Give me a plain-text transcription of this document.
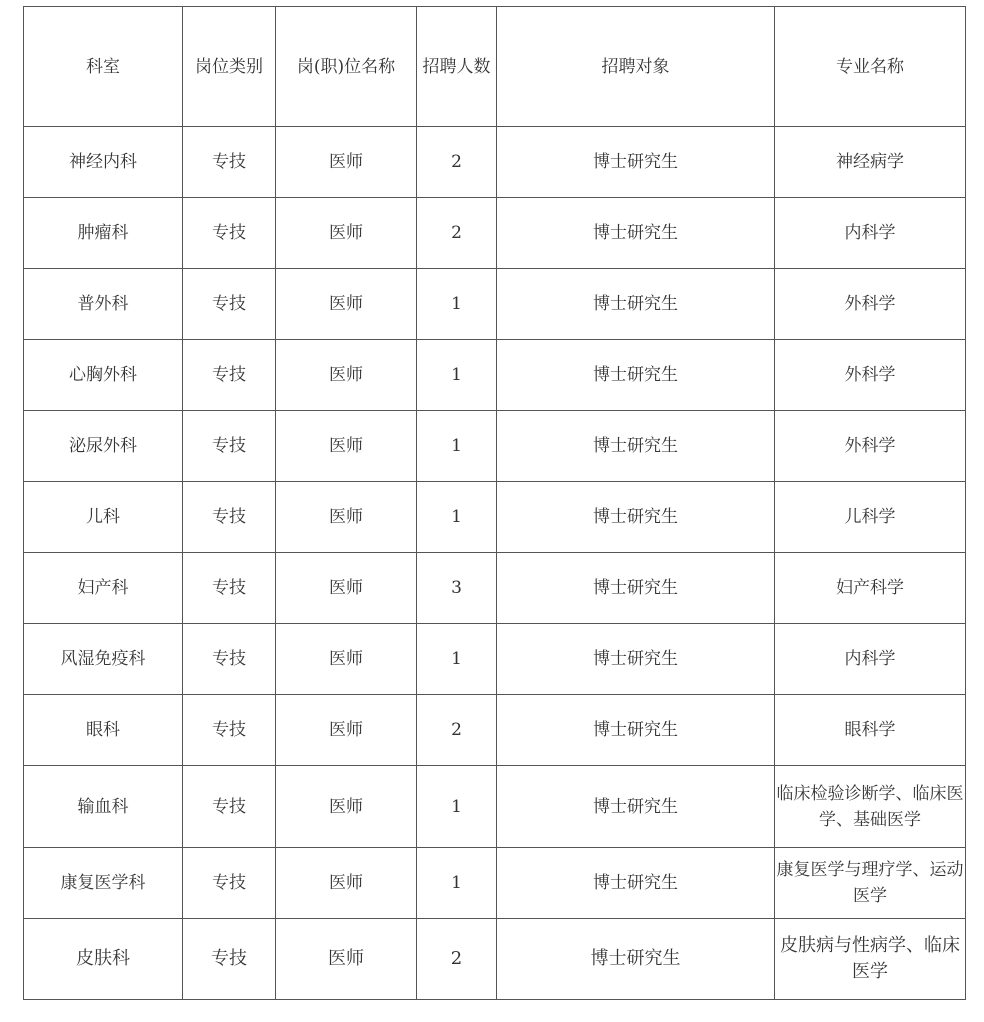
科室	岗位类别	岗(职)位名称	招聘人数	招聘对象	专业名称
神经内科	专技	医师	2	博士研究生	神经病学
肿瘤科	专技	医师	2	博士研究生	内科学
普外科	专技	医师	1	博士研究生	外科学
心胸外科	专技	医师	1	博士研究生	外科学
泌尿外科	专技	医师	1	博士研究生	外科学
儿科	专技	医师	1	博士研究生	儿科学
妇产科	专技	医师	3	博士研究生	妇产科学
风湿免疫科	专技	医师	1	博士研究生	内科学
眼科	专技	医师	2	博士研究生	眼科学
输血科	专技	医师	1	博士研究生	临床检验诊断学、临床医学、基础医学
康复医学科	专技	医师	1	博士研究生	康复医学与理疗学、运动医学
皮肤科	专技	医师	2	博士研究生	皮肤病与性病学、临床医学
